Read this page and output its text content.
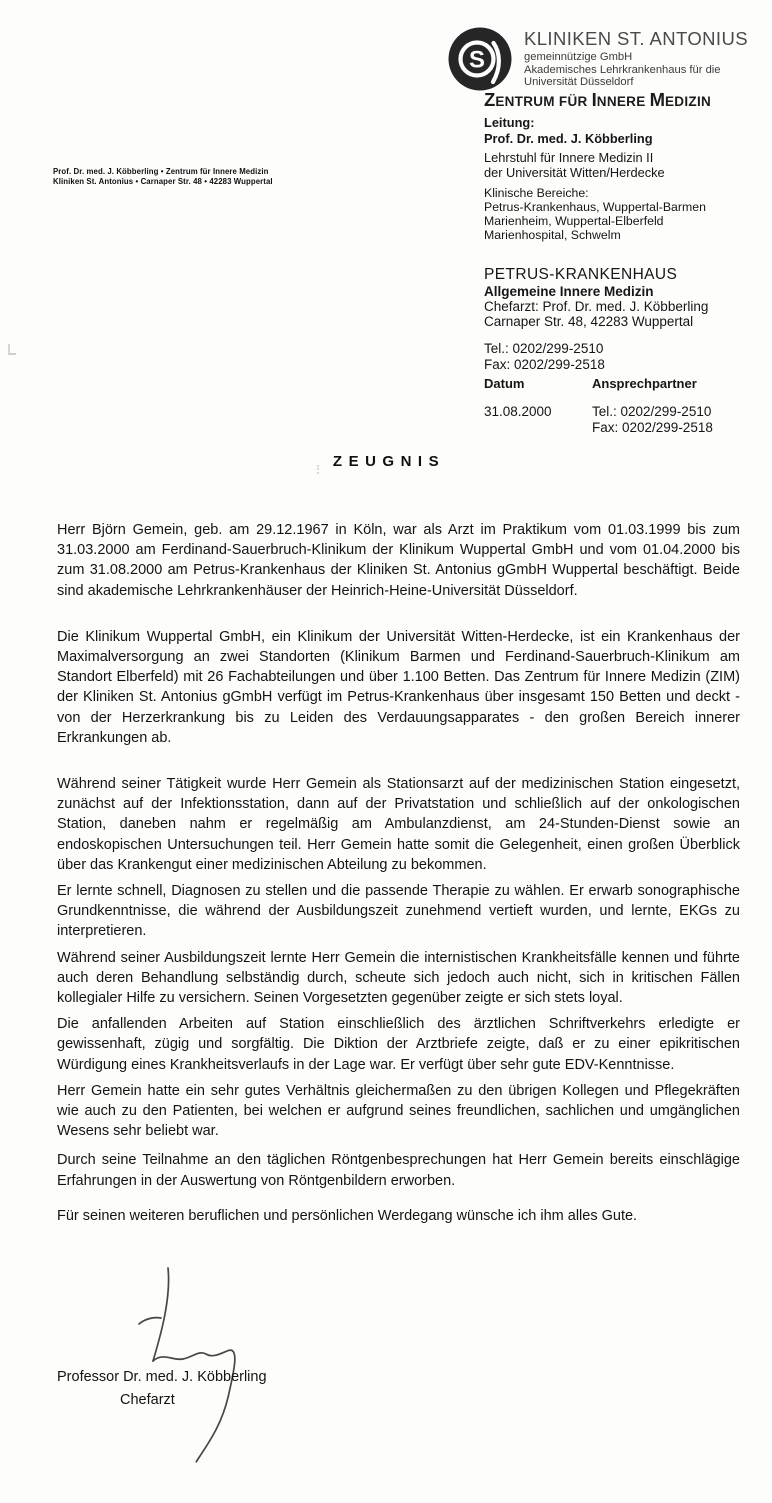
Prof. Dr. med. J. Köbberling • Zentrum für Innere Medizin
Kliniken St. Antonius • Carnaper Str. 48 • 42283 Wuppertal
S
KLINIKEN ST. ANTONIUS
gemeinnützige GmbH
Akademisches Lehrkrankenhaus für die
Universität Düsseldorf
ZENTRUM FÜR INNERE MEDIZIN
Leitung:
Prof. Dr. med. J. Köbberling
Lehrstuhl für Innere Medizin II
der Universität Witten/Herdecke
Klinische Bereiche:
Petrus-Krankenhaus, Wuppertal-Barmen
Marienheim, Wuppertal-Elberfeld
Marienhospital, Schwelm
PETRUS-KRANKENHAUS
Allgemeine Innere Medizin
Chefarzt: Prof. Dr. med. J. Köbberling
Carnaper Str. 48, 42283 Wuppertal
Tel.: 0202/299-2510
Fax: 0202/299-2518
Datum	Ansprechpartner
31.08.2000	Tel.: 0202/299-2510
Fax: 0202/299-2518
ZEUGNIS

Herr Björn Gemein, geb. am 29.12.1967 in Köln, war als Arzt im Praktikum vom 01.03.1999 bis zum 31.03.2000 am Ferdinand-Sauerbruch-Klinikum der Klinikum Wuppertal GmbH und vom 01.04.2000 bis zum 31.08.2000 am Petrus-Krankenhaus der Kliniken St. Antonius gGmbH Wuppertal beschäftigt. Beide sind akademische Lehrkrankenhäuser der Heinrich-Heine-Universität Düsseldorf.

Die Klinikum Wuppertal GmbH, ein Klinikum der Universität Witten-Herdecke, ist ein Krankenhaus der Maximalversorgung an zwei Standorten (Klinikum Barmen und Ferdinand-Sauerbruch-Klinikum am Standort Elberfeld) mit 26 Fachabteilungen und über 1.100 Betten. Das Zentrum für Innere Medizin (ZIM) der Kliniken St. Antonius gGmbH verfügt im Petrus-Krankenhaus über insgesamt 150 Betten und deckt - von der Herzerkrankung bis zu Leiden des Verdauungsapparates - den großen Bereich innerer Erkrankungen ab.

Während seiner Tätigkeit wurde Herr Gemein als Stationsarzt auf der medizinischen Station eingesetzt, zunächst auf der Infektionsstation, dann auf der Privatstation und schließlich auf der onkologischen Station, daneben nahm er regelmäßig am Ambulanzdienst, am 24-Stunden-Dienst sowie an endoskopischen Untersuchungen teil. Herr Gemein hatte somit die Gelegenheit, einen großen Überblick über das Krankengut einer medizinischen Abteilung zu bekommen.

Er lernte schnell, Diagnosen zu stellen und die passende Therapie zu wählen. Er erwarb sonographische Grundkenntnisse, die während der Ausbildungszeit zunehmend vertieft wurden, und lernte, EKGs zu interpretieren.

Während seiner Ausbildungszeit lernte Herr Gemein die internistischen Krankheitsfälle kennen und führte auch deren Behandlung selbständig durch, scheute sich jedoch auch nicht, sich in kritischen Fällen kollegialer Hilfe zu versichern. Seinen Vorgesetzten gegenüber zeigte er sich stets loyal.

Die anfallenden Arbeiten auf Station einschließlich des ärztlichen Schriftverkehrs erledigte er gewissenhaft, zügig und sorgfältig. Die Diktion der Arztbriefe zeigte, daß er zu einer epikritischen Würdigung eines Krankheitsverlaufs in der Lage war. Er verfügt über sehr gute EDV-Kenntnisse.

Herr Gemein hatte ein sehr gutes Verhältnis gleichermaßen zu den übrigen Kollegen und Pflegekräften wie auch zu den Patienten, bei welchen er aufgrund seines freundlichen, sachlichen und umgänglichen Wesens sehr beliebt war.

Durch seine Teilnahme an den täglichen Röntgenbesprechungen hat Herr Gemein bereits einschlägige Erfahrungen in der Auswertung von Röntgenbildern erworben.

Für seinen weiteren beruflichen und persönlichen Werdegang wünsche ich ihm alles Gute.

Professor Dr. med. J. Köbberling
Chefarzt
